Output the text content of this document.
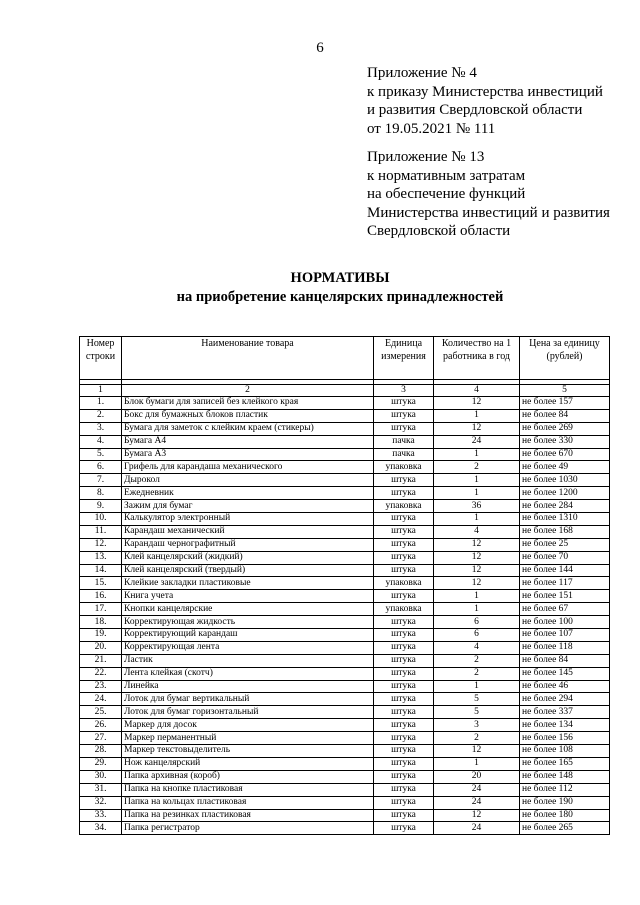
6
Приложение № 4
к приказу Министерства инвестиций
и развития Свердловской области
от 19.05.2021 № 111
Приложение № 13
к нормативным затратам
на обеспечение функций
Министерства инвестиций и развития
Свердловской области
НОРМАТИВЫ
на приобретение канцелярских принадлежностей
Номер строки	Наименование товара	Единица измерения	Количество на 1 работника в год	Цена за единицу (рублей)

1	2	3	4	5
1.	Блок бумаги для записей без клейкого края	штука	12	не более 157
2.	Бокс для бумажных блоков пластик	штука	1	не более 84
3.	Бумага для заметок с клейким краем (стикеры)	штука	12	не более 269
4.	Бумага А4	пачка	24	не более 330
5.	Бумага А3	пачка	1	не более 670
6.	Грифель для карандаша механического	упаковка	2	не более 49
7.	Дырокол	штука	1	не более 1030
8.	Ежедневник	штука	1	не более 1200
9.	Зажим для бумаг	упаковка	36	не более 284
10.	Калькулятор электронный	штука	1	не более 1310
11.	Карандаш механический	штука	4	не более 168
12.	Карандаш чернографитный	штука	12	не более 25
13.	Клей канцелярский (жидкий)	штука	12	не более 70
14.	Клей канцелярский (твердый)	штука	12	не более 144
15.	Клейкие закладки пластиковые	упаковка	12	не более 117
16.	Книга учета	штука	1	не более 151
17.	Кнопки канцелярские	упаковка	1	не более 67
18.	Корректирующая жидкость	штука	6	не более 100
19.	Корректирующий карандаш	штука	6	не более 107
20.	Корректирующая лента	штука	4	не более 118
21.	Ластик	штука	2	не более 84
22.	Лента клейкая (скотч)	штука	2	не более 145
23.	Линейка	штука	1	не более 46
24.	Лоток для бумаг вертикальный	штука	5	не более 294
25.	Лоток для бумаг горизонтальный	штука	5	не более 337
26.	Маркер для досок	штука	3	не более 134
27.	Маркер перманентный	штука	2	не более 156
28.	Маркер текстовыделитель	штука	12	не более 108
29.	Нож канцелярский	штука	1	не более 165
30.	Папка архивная (короб)	штука	20	не более 148
31.	Папка на кнопке пластиковая	штука	24	не более 112
32.	Папка на кольцах пластиковая	штука	24	не более 190
33.	Папка на резинках пластиковая	штука	12	не более 180
34.	Папка регистратор	штука	24	не более 265
